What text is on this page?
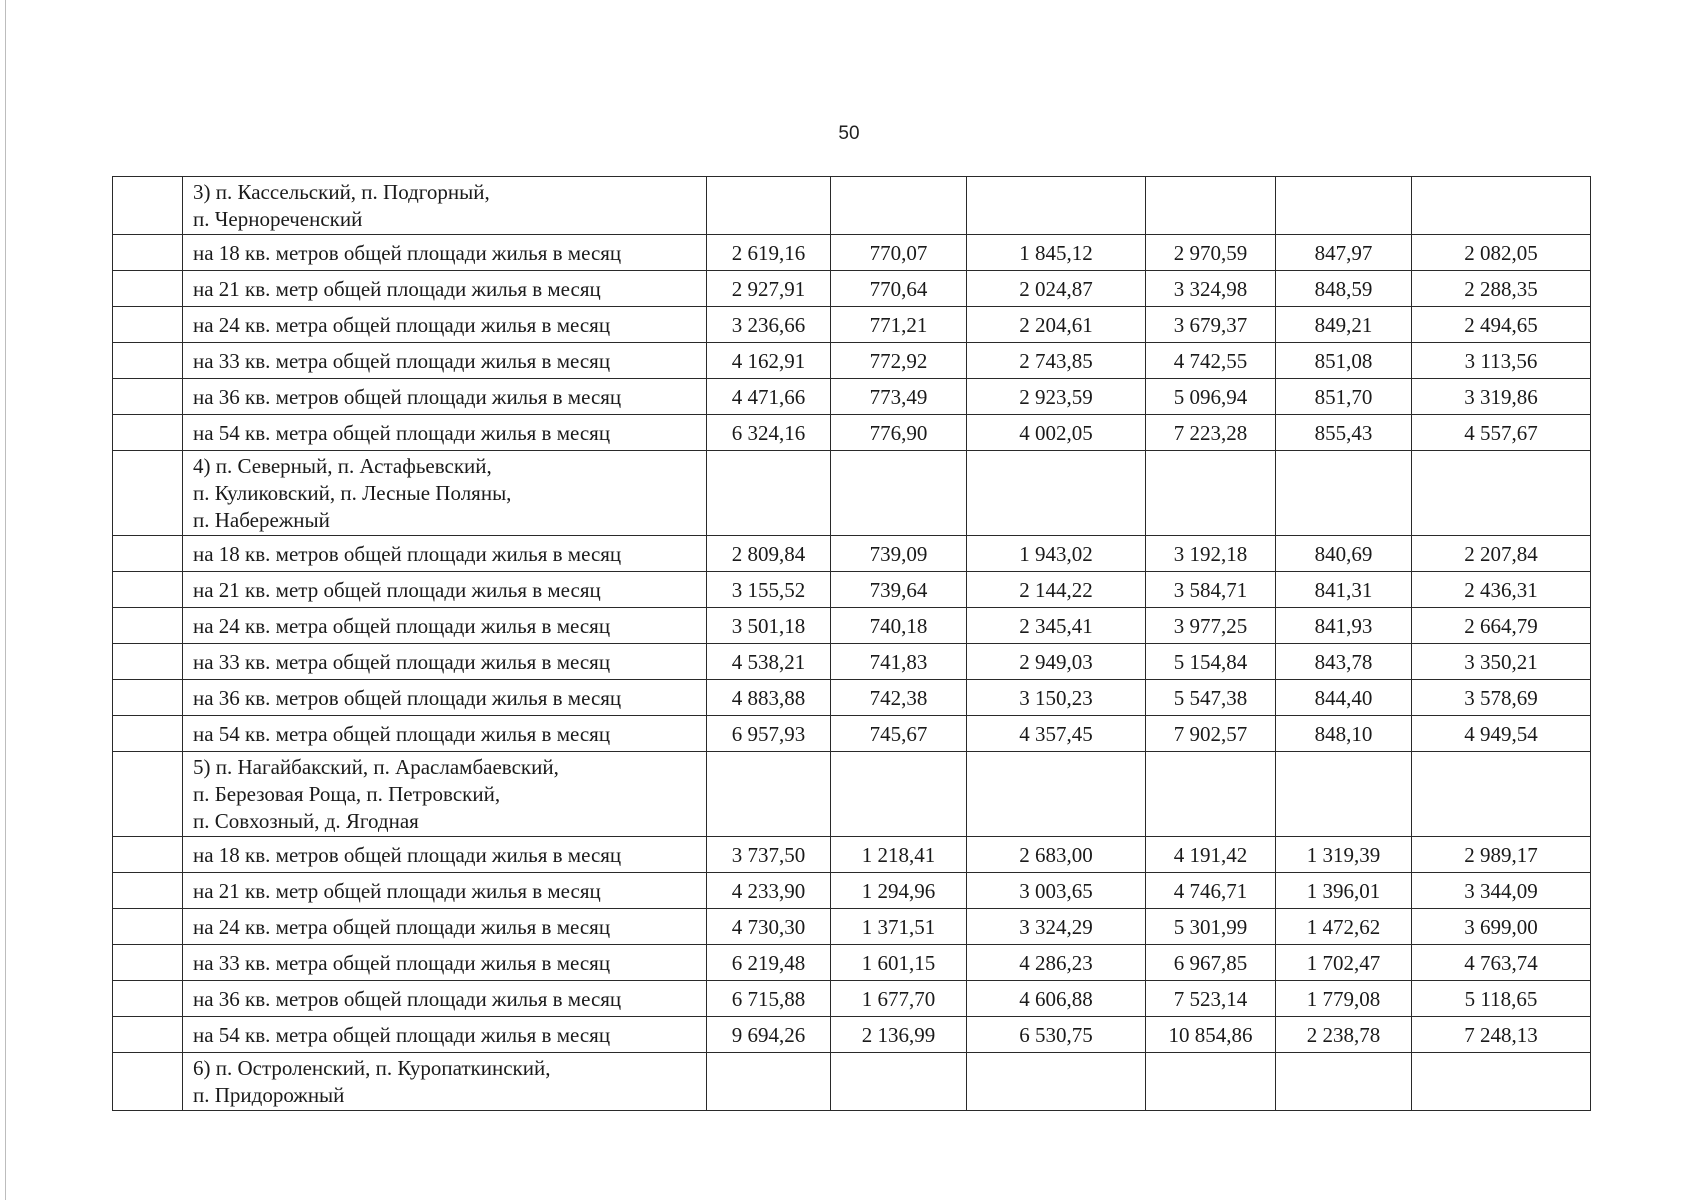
50

	3) п. Кассельский, п. Подгорный,
п. Чернореченский						

	на 18 кв. метров общей площади жилья в месяц	2 619,16	770,07	1 845,12	2 970,59	847,97	2 082,05
	на 21 кв. метр общей площади жилья в месяц	2 927,91	770,64	2 024,87	3 324,98	848,59	2 288,35
	на 24 кв. метра общей площади жилья в месяц	3 236,66	771,21	2 204,61	3 679,37	849,21	2 494,65
	на 33 кв. метра общей площади жилья в месяц	4 162,91	772,92	2 743,85	4 742,55	851,08	3 113,56
	на 36 кв. метров общей площади жилья в месяц	4 471,66	773,49	2 923,59	5 096,94	851,70	3 319,86
	на 54 кв. метра общей площади жилья в месяц	6 324,16	776,90	4 002,05	7 223,28	855,43	4 557,67

	4) п. Северный, п. Астафьевский,
п. Куликовский, п. Лесные Поляны,
п. Набережный						

	на 18 кв. метров общей площади жилья в месяц	2 809,84	739,09	1 943,02	3 192,18	840,69	2 207,84
	на 21 кв. метр общей площади жилья в месяц	3 155,52	739,64	2 144,22	3 584,71	841,31	2 436,31
	на 24 кв. метра общей площади жилья в месяц	3 501,18	740,18	2 345,41	3 977,25	841,93	2 664,79
	на 33 кв. метра общей площади жилья в месяц	4 538,21	741,83	2 949,03	5 154,84	843,78	3 350,21
	на 36 кв. метров общей площади жилья в месяц	4 883,88	742,38	3 150,23	5 547,38	844,40	3 578,69
	на 54 кв. метра общей площади жилья в месяц	6 957,93	745,67	4 357,45	7 902,57	848,10	4 949,54

	5) п. Нагайбакский, п. Арасламбаевский,
п. Березовая Роща, п. Петровский,
п. Совхозный, д. Ягодная						

	на 18 кв. метров общей площади жилья в месяц	3 737,50	1 218,41	2 683,00	4 191,42	1 319,39	2 989,17
	на 21 кв. метр общей площади жилья в месяц	4 233,90	1 294,96	3 003,65	4 746,71	1 396,01	3 344,09
	на 24 кв. метра общей площади жилья в месяц	4 730,30	1 371,51	3 324,29	5 301,99	1 472,62	3 699,00
	на 33 кв. метра общей площади жилья в месяц	6 219,48	1 601,15	4 286,23	6 967,85	1 702,47	4 763,74
	на 36 кв. метров общей площади жилья в месяц	6 715,88	1 677,70	4 606,88	7 523,14	1 779,08	5 118,65
	на 54 кв. метра общей площади жилья в месяц	9 694,26	2 136,99	6 530,75	10 854,86	2 238,78	7 248,13

	6) п. Остроленский, п. Куропаткинский,
п. Придорожный						
